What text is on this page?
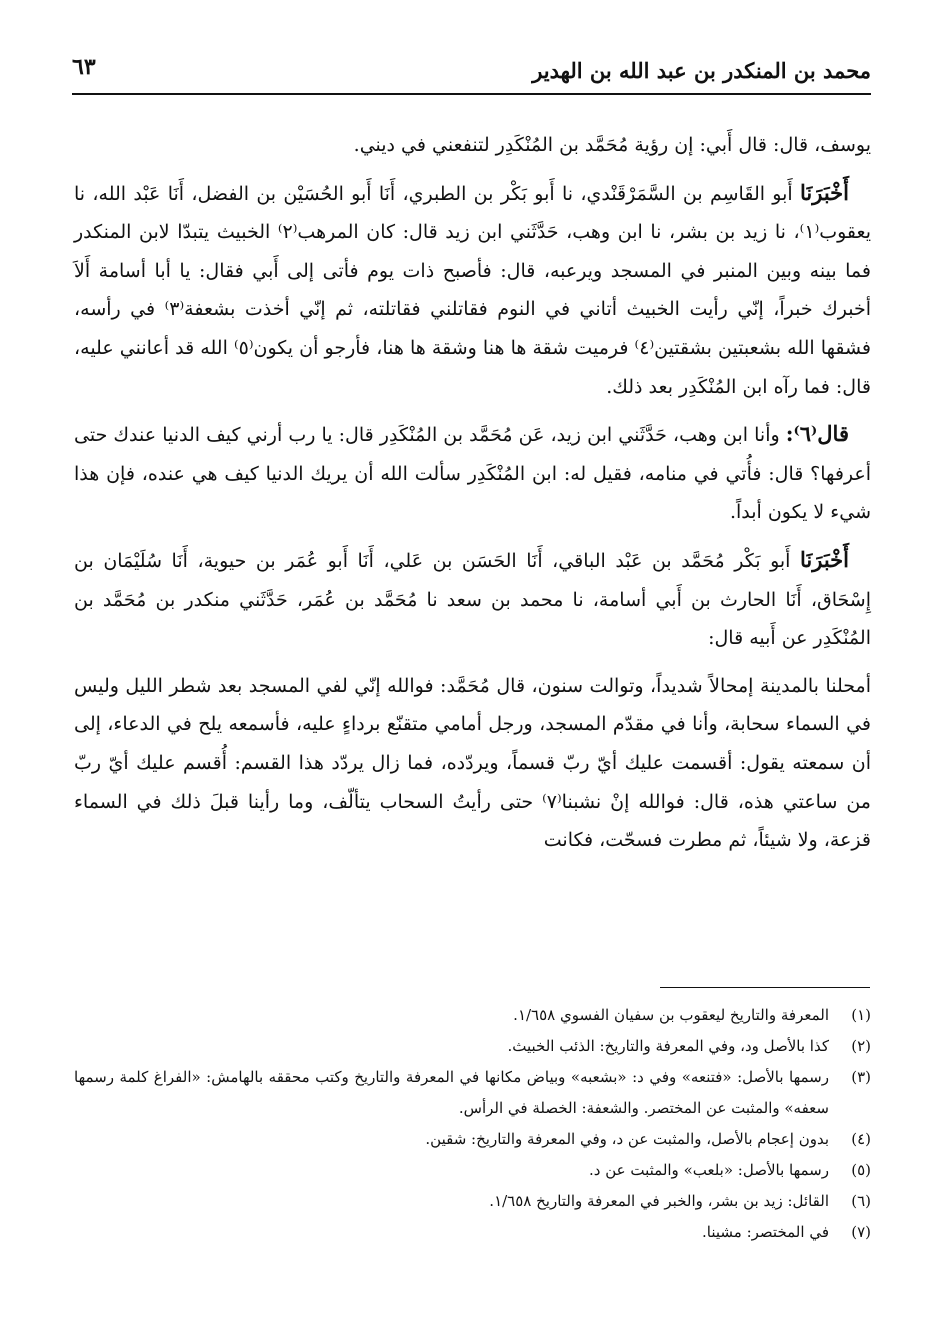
محمد بن المنكدر بن عبد الله بن الهدير
٦٣

يوسف، قال: قال أَبي: إن رؤية مُحَمَّد بن المُنْكَدِر لتنفعني في ديني.

أَخْبَرَنَا أَبو القَاسِم بن السَّمَرْقَنْدي، نا أَبو بَكْر بن الطبري، أَنَا أَبو الحُسَيْن بن الفضل، أَنَا عَبْد الله، نا يعقوب⁽١⁾، نا زيد بن بشر، نا ابن وهب، حَدَّثَني ابن زيد قال: كان المرهب⁽٢⁾ الخبيث يتبدّا لابن المنكدر فما بينه وبين المنبر في المسجد ويرعبه، قال: فأصبح ذات يوم فأتى إلى أَبي فقال: يا أبا أسامة أَلاَ أخبرك خبراً، إنّي رأيت الخبيث أتاني في النوم فقاتلني فقاتلته، ثم إنّي أخذت بشعفة⁽٣⁾ في رأسه، فشقها الله بشعبتين بشقتين⁽٤⁾ فرميت شقة ها هنا وشقة ها هنا، فأرجو أن يكون⁽٥⁾ الله قد أعانني عليه، قال: فما رآه ابن المُنْكَدِر بعد ذلك.

قال⁽٦⁾: وأنا ابن وهب، حَدَّثَني ابن زيد، عَن مُحَمَّد بن المُنْكَدِر قال: يا رب أرني كيف الدنيا عندك حتى أعرفها؟ قال: فأُتي في منامه، فقيل له: ابن المُنْكَدِر سألت الله أن يريك الدنيا كيف هي عنده، فإن هذا شيء لا يكون أبداً.

أَخْبَرَنَا أَبو بَكْر مُحَمَّد بن عَبْد الباقي، أَنَا الحَسَن بن عَلي، أَنَا أَبو عُمَر بن حيوية، أَنَا سُلَيْمَان بن إِسْحَاق، أَنَا الحارث بن أَبي أسامة، نا محمد بن سعد نا مُحَمَّد بن عُمَر، حَدَّثَني منكدر بن مُحَمَّد بن المُنْكَدِر عن أَبيه قال:

أمحلنا بالمدينة إمحالاً شديداً، وتوالت سنون، قال مُحَمَّد: فوالله إنّي لفي المسجد بعد شطر الليل وليس في السماء سحابة، وأنا في مقدّم المسجد، ورجل أمامي متقنّع برداءٍ عليه، فأسمعه يلح في الدعاء، إلى أن سمعته يقول: أقسمت عليك أيّ ربّ قسماً، ويردّده، فما زال يردّد هذا القسم: أُقسم عليك أيّ ربّ من ساعتي هذه، قال: فوالله إنْ نشبنا⁽٧⁾ حتى رأيتُ السحاب يتألّف، وما رأينا قبلَ ذلك في السماء قزعة، ولا شيئاً، ثم مطرت فسحّت، فكانت

(١)
المعرفة والتاريخ ليعقوب بن سفيان الفسوي ١/٦٥٨.
(٢)
كذا بالأصل ود، وفي المعرفة والتاريخ: الذئب الخبيث.
(٣)
رسمها بالأصل: «فتنعه» وفي د: «بشعبه» وبياض مكانها في المعرفة والتاريخ وكتب محققه بالهامش: «الفراغ كلمة رسمها سعفه» والمثبت عن المختصر. والشعفة: الخصلة في الرأس.
(٤)
بدون إعجام بالأصل، والمثبت عن د، وفي المعرفة والتاريخ: شقين.
(٥)
رسمها بالأصل: «بلعب» والمثبت عن د.
(٦)
القائل: زيد بن بشر، والخبر في المعرفة والتاريخ ١/٦٥٨.
(٧)
في المختصر: مشينا.
